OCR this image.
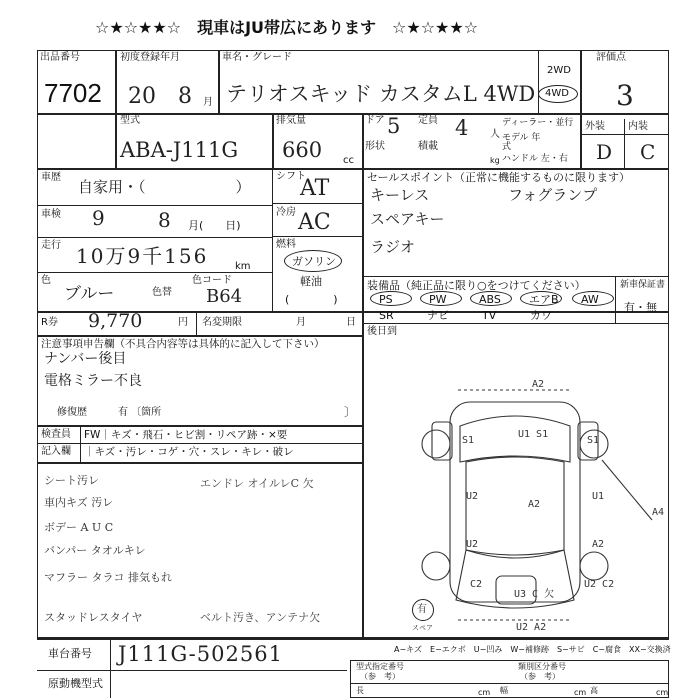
☆★☆★★☆　現車はJU帯広にあります　☆★☆★★☆
出品番号
7702
初度登録年月
20 8 月
車名・グレード
テリオスキッド カスタムL 4WD
2WD
4WD
評価点
3
型式
ABA-J111G
排気量
660 cc
ドア 5 定員 4 人
形状	積載
kg
ディーラー・並行
モデル 年式
ハンドル 左・右
外装 内装
D C
車歴
自家用・（　　　　　　）
シフト
AT
車検 9	8 月(　　日)
冷房 AC
走行 10万9千156	km
燃料
ガソリン
軽油
(　　　　)
色
ブルー	色替
色コード
B64
R券 9,770	円 名変期限	月	日
セールスポイント（正常に機能するものに限ります）
キーレス	フォグランプ
スペアキー
ラジオ
装備品（純正品に限り○をつけてください）
PS	PW	ABS	エアB AW
SR	ナビ	TV	カワ
新車保証書
有・無
後日到
注意事項申告欄（不具合内容等は具体的に記入して下さい）
ナンバー後目
電格ミラー不良
修復歴	有 〔箇所	〕
検査員
記入欄
FW｜キズ・飛石・ヒビ割・リペア跡・×要
｜キズ・汚レ・コゲ・穴・スレ・キレ・破レ
シート汚レ
車内キズ 汚レ
ボデー A U C
バンパー タオルキレ
マフラー タラコ 排気もれ
スタッドレスタイヤ
エンドレ オイルレC 欠
ベルト汚き、アンテナ欠
A2
U1 S1
S1	S1
U2	U1
A2
U2	A2
C2	U2 C2
U3 C 欠
U2 A2
A4
有
スペア
A−キズ　E−エクボ　U−凹み　W−補修跡　S−サビ　C−腐食　XX−交換済
車台番号 J111G-502561
原動機型式
型式指定番号
（参　考）
類別区分番号
（参　考）
長	cm 幅	cm 高	cm
